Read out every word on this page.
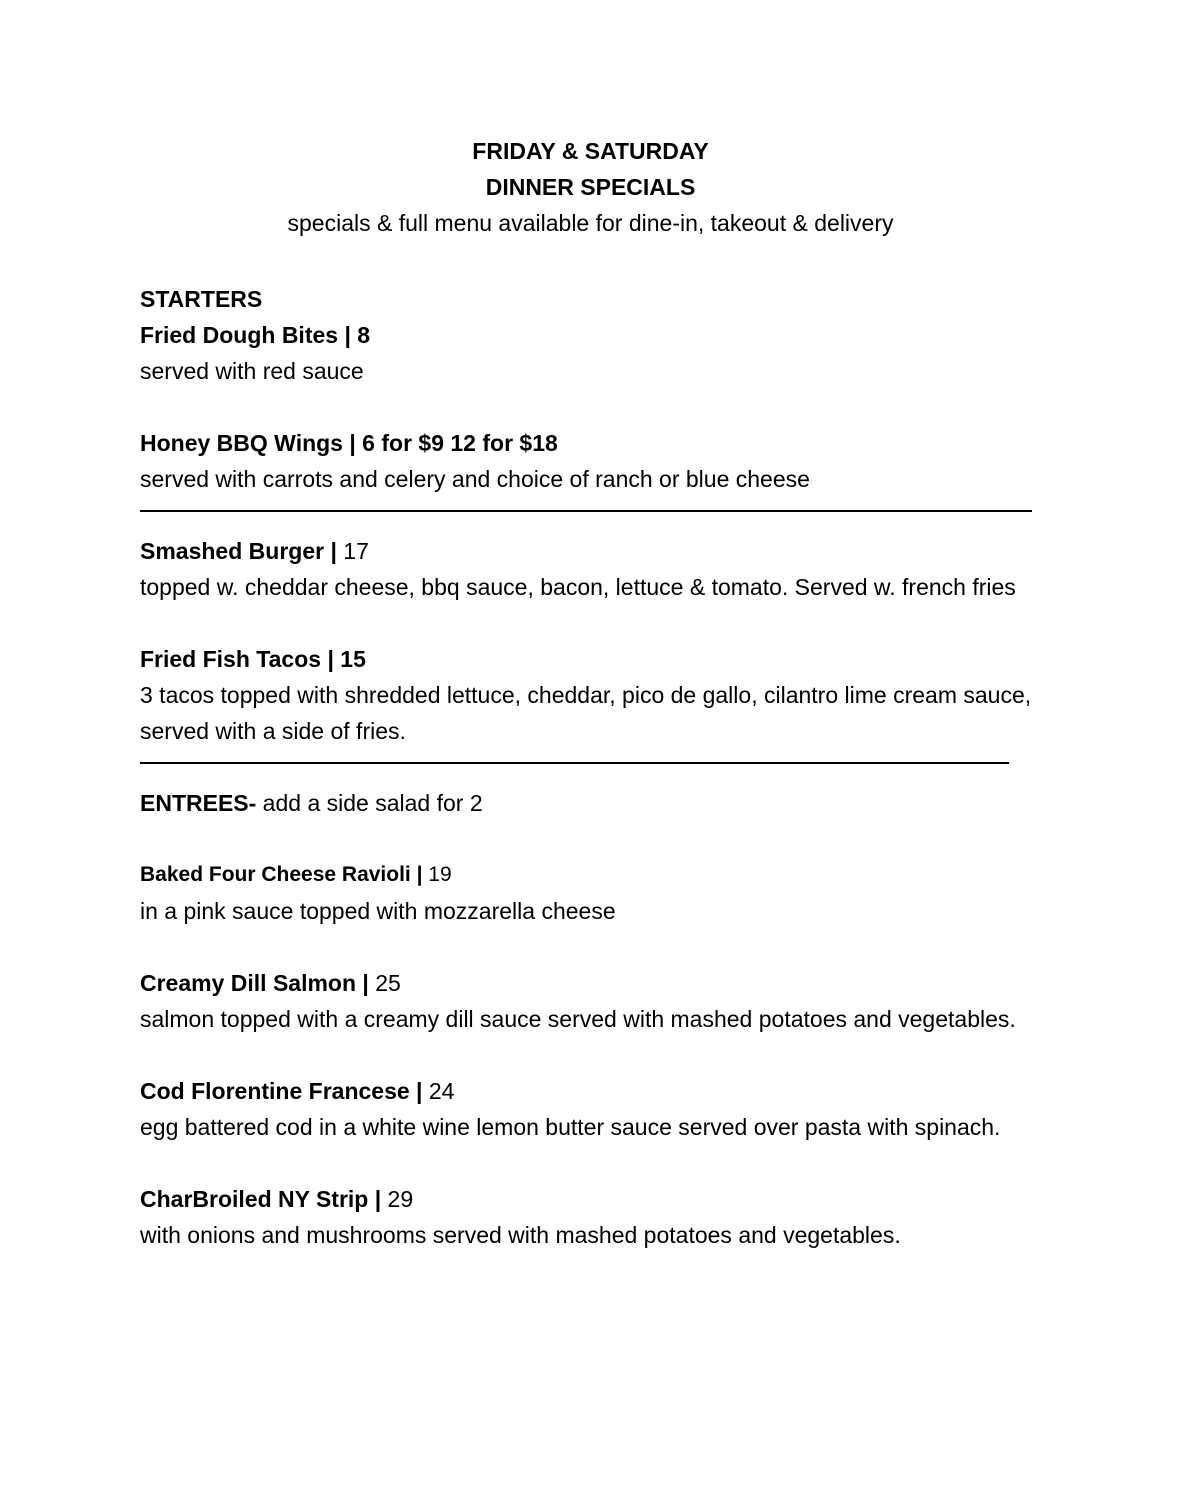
FRIDAY & SATURDAY

DINNER SPECIALS

specials & full menu available for dine-in, takeout & delivery

STARTERS

Fried Dough Bites | 8

served with red sauce

Honey BBQ Wings | 6 for $9 12 for $18

served with carrots and celery and choice of ranch or blue cheese

Smashed Burger | 17

topped w. cheddar cheese, bbq sauce, bacon, lettuce & tomato. Served w. french fries

Fried Fish Tacos | 15

3 tacos topped with shredded lettuce, cheddar, pico de gallo, cilantro lime cream sauce, served with a side of fries.

ENTREES- add a side salad for 2

Baked Four Cheese Ravioli | 19

in a pink sauce topped with mozzarella cheese

Creamy Dill Salmon | 25

salmon topped with a creamy dill sauce served with mashed potatoes and vegetables.

Cod Florentine Francese | 24

egg battered cod in a white wine lemon butter sauce served over pasta with spinach.

CharBroiled NY Strip | 29

with onions and mushrooms served with mashed potatoes and vegetables.
